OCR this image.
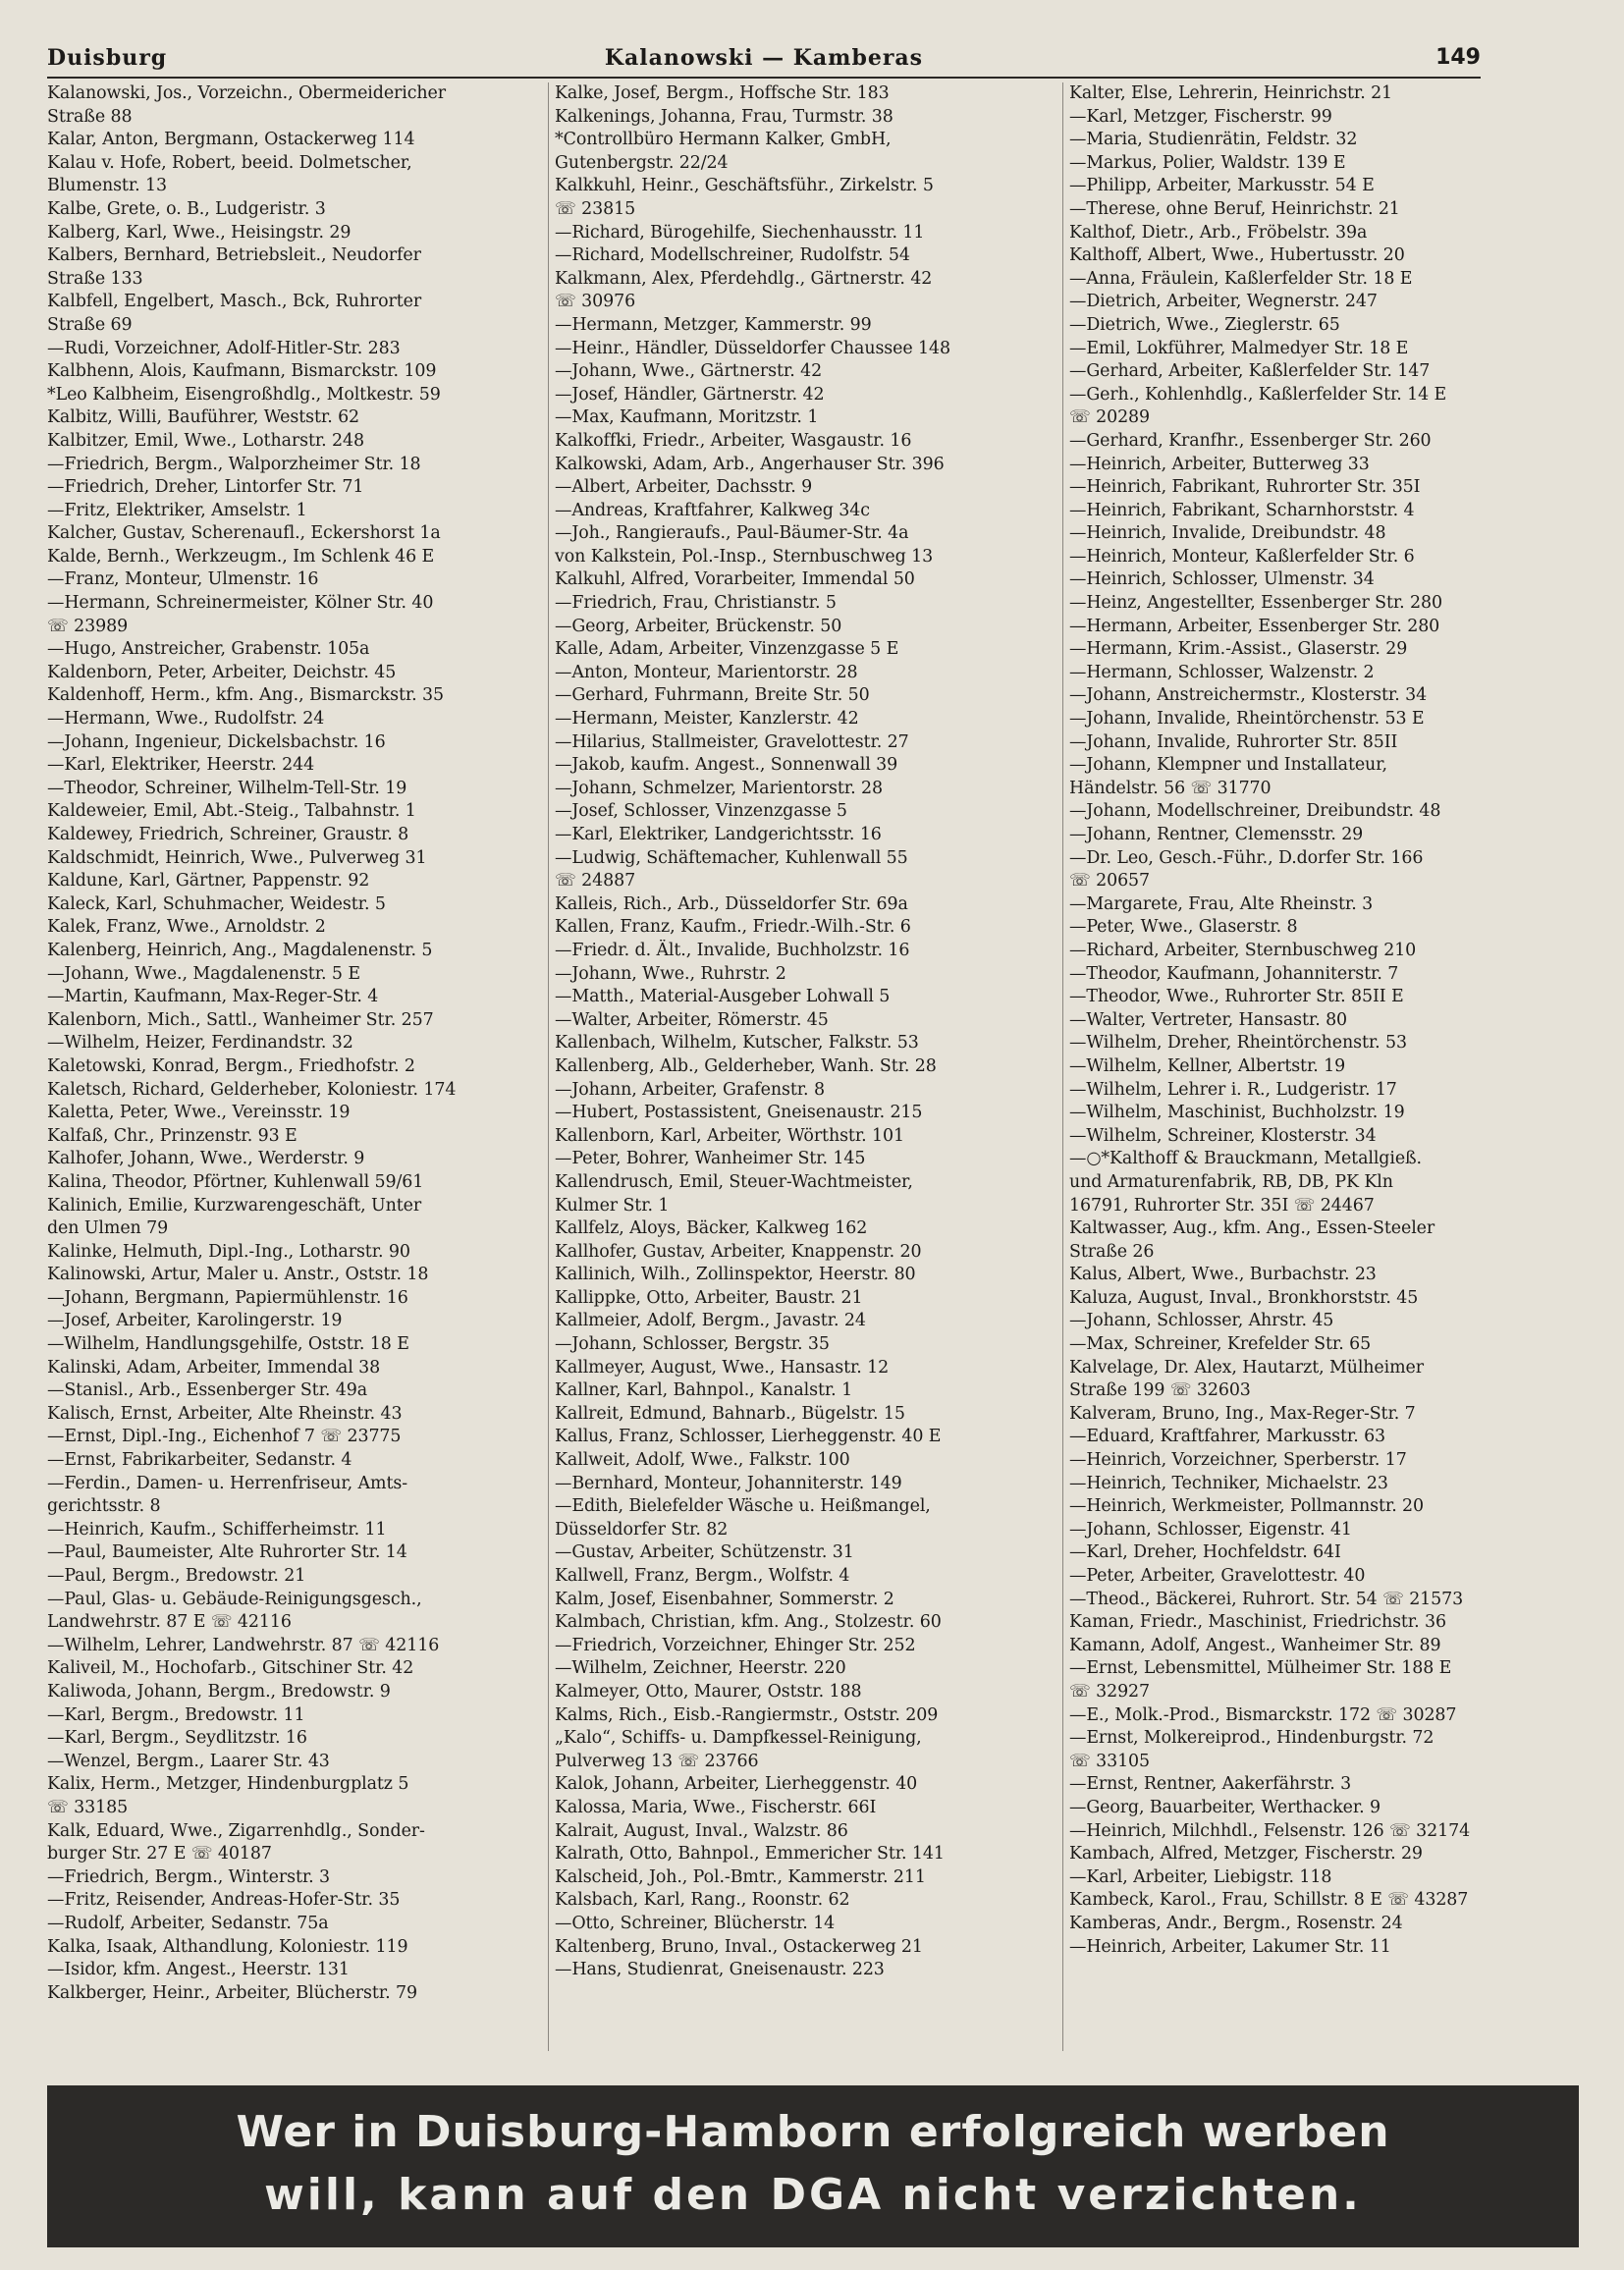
Duisburg	Kalanowski — Kamberas	149
Kalanowski, Jos., Vorzeichn., Obermeidericher
Straße 88
Kalar, Anton, Bergmann, Ostackerweg 114
Kalau v. Hofe, Robert, beeid. Dolmetscher,
Blumenstr. 13
Kalbe, Grete, o. B., Ludgeristr. 3
Kalberg, Karl, Wwe., Heisingstr. 29
Kalbers, Bernhard, Betriebsleit., Neudorfer
Straße 133
Kalbfell, Engelbert, Masch., Bck, Ruhrorter
Straße 69
—Rudi, Vorzeichner, Adolf-Hitler-Str. 283
Kalbhenn, Alois, Kaufmann, Bismarckstr. 109
*Leo Kalbheim, Eisengroßhdlg., Moltkestr. 59
Kalbitz, Willi, Bauführer, Weststr. 62
Kalbitzer, Emil, Wwe., Lotharstr. 248
—Friedrich, Bergm., Walporzheimer Str. 18
—Friedrich, Dreher, Lintorfer Str. 71
—Fritz, Elektriker, Amselstr. 1
Kalcher, Gustav, Scherenaufl., Eckershorst 1a
Kalde, Bernh., Werkzeugm., Im Schlenk 46 E
—Franz, Monteur, Ulmenstr. 16
—Hermann, Schreinermeister, Kölner Str. 40
☏ 23989
—Hugo, Anstreicher, Grabenstr. 105a
Kaldenborn, Peter, Arbeiter, Deichstr. 45
Kaldenhoff, Herm., kfm. Ang., Bismarckstr. 35
—Hermann, Wwe., Rudolfstr. 24
—Johann, Ingenieur, Dickelsbachstr. 16
—Karl, Elektriker, Heerstr. 244
—Theodor, Schreiner, Wilhelm-Tell-Str. 19
Kaldeweier, Emil, Abt.-Steig., Talbahnstr. 1
Kaldewey, Friedrich, Schreiner, Graustr. 8
Kaldschmidt, Heinrich, Wwe., Pulverweg 31
Kaldune, Karl, Gärtner, Pappenstr. 92
Kaleck, Karl, Schuhmacher, Weidestr. 5
Kalek, Franz, Wwe., Arnoldstr. 2
Kalenberg, Heinrich, Ang., Magdalenenstr. 5
—Johann, Wwe., Magdalenenstr. 5 E
—Martin, Kaufmann, Max-Reger-Str. 4
Kalenborn, Mich., Sattl., Wanheimer Str. 257
—Wilhelm, Heizer, Ferdinandstr. 32
Kaletowski, Konrad, Bergm., Friedhofstr. 2
Kaletsch, Richard, Gelderheber, Koloniestr. 174
Kaletta, Peter, Wwe., Vereinsstr. 19
Kalfaß, Chr., Prinzenstr. 93 E
Kalhofer, Johann, Wwe., Werderstr. 9
Kalina, Theodor, Pförtner, Kuhlenwall 59/61
Kalinich, Emilie, Kurzwarengeschäft, Unter
den Ulmen 79
Kalinke, Helmuth, Dipl.-Ing., Lotharstr. 90
Kalinowski, Artur, Maler u. Anstr., Oststr. 18
—Johann, Bergmann, Papiermühlenstr. 16
—Josef, Arbeiter, Karolingerstr. 19
—Wilhelm, Handlungsgehilfe, Oststr. 18 E
Kalinski, Adam, Arbeiter, Immendal 38
—Stanisl., Arb., Essenberger Str. 49a
Kalisch, Ernst, Arbeiter, Alte Rheinstr. 43
—Ernst, Dipl.-Ing., Eichenhof 7 ☏ 23775
—Ernst, Fabrikarbeiter, Sedanstr. 4
—Ferdin., Damen- u. Herrenfriseur, Amts-
gerichtsstr. 8
—Heinrich, Kaufm., Schifferheimstr. 11
—Paul, Baumeister, Alte Ruhrorter Str. 14
—Paul, Bergm., Bredowstr. 21
—Paul, Glas- u. Gebäude-Reinigungsgesch.,
Landwehrstr. 87 E ☏ 42116
—Wilhelm, Lehrer, Landwehrstr. 87 ☏ 42116
Kaliveil, M., Hochofarb., Gitschiner Str. 42
Kaliwoda, Johann, Bergm., Bredowstr. 9
—Karl, Bergm., Bredowstr. 11
—Karl, Bergm., Seydlitzstr. 16
—Wenzel, Bergm., Laarer Str. 43
Kalix, Herm., Metzger, Hindenburgplatz 5
☏ 33185
Kalk, Eduard, Wwe., Zigarrenhdlg., Sonder-
burger Str. 27 E ☏ 40187
—Friedrich, Bergm., Winterstr. 3
—Fritz, Reisender, Andreas-Hofer-Str. 35
—Rudolf, Arbeiter, Sedanstr. 75a
Kalka, Isaak, Althandlung, Koloniestr. 119
—Isidor, kfm. Angest., Heerstr. 131
Kalkberger, Heinr., Arbeiter, Blücherstr. 79
Kalke, Josef, Bergm., Hoffsche Str. 183
Kalkenings, Johanna, Frau, Turmstr. 38
*Controllbüro Hermann Kalker, GmbH,
Gutenbergstr. 22/24
Kalkkuhl, Heinr., Geschäftsführ., Zirkelstr. 5
☏ 23815
—Richard, Bürogehilfe, Siechenhausstr. 11
—Richard, Modellschreiner, Rudolfstr. 54
Kalkmann, Alex, Pferdehdlg., Gärtnerstr. 42
☏ 30976
—Hermann, Metzger, Kammerstr. 99
—Heinr., Händler, Düsseldorfer Chaussee 148
—Johann, Wwe., Gärtnerstr. 42
—Josef, Händler, Gärtnerstr. 42
—Max, Kaufmann, Moritzstr. 1
Kalkoffki, Friedr., Arbeiter, Wasgaustr. 16
Kalkowski, Adam, Arb., Angerhauser Str. 396
—Albert, Arbeiter, Dachsstr. 9
—Andreas, Kraftfahrer, Kalkweg 34c
—Joh., Rangieraufs., Paul-Bäumer-Str. 4a
von Kalkstein, Pol.-Insp., Sternbuschweg 13
Kalkuhl, Alfred, Vorarbeiter, Immendal 50
—Friedrich, Frau, Christianstr. 5
—Georg, Arbeiter, Brückenstr. 50
Kalle, Adam, Arbeiter, Vinzenzgasse 5 E
—Anton, Monteur, Marientorstr. 28
—Gerhard, Fuhrmann, Breite Str. 50
—Hermann, Meister, Kanzlerstr. 42
—Hilarius, Stallmeister, Gravelottestr. 27
—Jakob, kaufm. Angest., Sonnenwall 39
—Johann, Schmelzer, Marientorstr. 28
—Josef, Schlosser, Vinzenzgasse 5
—Karl, Elektriker, Landgerichtsstr. 16
—Ludwig, Schäftemacher, Kuhlenwall 55
☏ 24887
Kalleis, Rich., Arb., Düsseldorfer Str. 69a
Kallen, Franz, Kaufm., Friedr.-Wilh.-Str. 6
—Friedr. d. Ält., Invalide, Buchholzstr. 16
—Johann, Wwe., Ruhrstr. 2
—Matth., Material-Ausgeber Lohwall 5
—Walter, Arbeiter, Römerstr. 45
Kallenbach, Wilhelm, Kutscher, Falkstr. 53
Kallenberg, Alb., Gelderheber, Wanh. Str. 28
—Johann, Arbeiter, Grafenstr. 8
—Hubert, Postassistent, Gneisenaustr. 215
Kallenborn, Karl, Arbeiter, Wörthstr. 101
—Peter, Bohrer, Wanheimer Str. 145
Kallendrusch, Emil, Steuer-Wachtmeister,
Kulmer Str. 1
Kallfelz, Aloys, Bäcker, Kalkweg 162
Kallhofer, Gustav, Arbeiter, Knappenstr. 20
Kallinich, Wilh., Zollinspektor, Heerstr. 80
Kallippke, Otto, Arbeiter, Baustr. 21
Kallmeier, Adolf, Bergm., Javastr. 24
—Johann, Schlosser, Bergstr. 35
Kallmeyer, August, Wwe., Hansastr. 12
Kallner, Karl, Bahnpol., Kanalstr. 1
Kallreit, Edmund, Bahnarb., Bügelstr. 15
Kallus, Franz, Schlosser, Lierheggenstr. 40 E
Kallweit, Adolf, Wwe., Falkstr. 100
—Bernhard, Monteur, Johanniterstr. 149
—Edith, Bielefelder Wäsche u. Heißmangel,
Düsseldorfer Str. 82
—Gustav, Arbeiter, Schützenstr. 31
Kallwell, Franz, Bergm., Wolfstr. 4
Kalm, Josef, Eisenbahner, Sommerstr. 2
Kalmbach, Christian, kfm. Ang., Stolzestr. 60
—Friedrich, Vorzeichner, Ehinger Str. 252
—Wilhelm, Zeichner, Heerstr. 220
Kalmeyer, Otto, Maurer, Oststr. 188
Kalms, Rich., Eisb.-Rangiermstr., Oststr. 209
„Kalo“, Schiffs- u. Dampfkessel-Reinigung,
Pulverweg 13 ☏ 23766
Kalok, Johann, Arbeiter, Lierheggenstr. 40
Kalossa, Maria, Wwe., Fischerstr. 66I
Kalrait, August, Inval., Walzstr. 86
Kalrath, Otto, Bahnpol., Emmericher Str. 141
Kalscheid, Joh., Pol.-Bmtr., Kammerstr. 211
Kalsbach, Karl, Rang., Roonstr. 62
—Otto, Schreiner, Blücherstr. 14
Kaltenberg, Bruno, Inval., Ostackerweg 21
—Hans, Studienrat, Gneisenaustr. 223
Kalter, Else, Lehrerin, Heinrichstr. 21
—Karl, Metzger, Fischerstr. 99
—Maria, Studienrätin, Feldstr. 32
—Markus, Polier, Waldstr. 139 E
—Philipp, Arbeiter, Markusstr. 54 E
—Therese, ohne Beruf, Heinrichstr. 21
Kalthof, Dietr., Arb., Fröbelstr. 39a
Kalthoff, Albert, Wwe., Hubertusstr. 20
—Anna, Fräulein, Kaßlerfelder Str. 18 E
—Dietrich, Arbeiter, Wegnerstr. 247
—Dietrich, Wwe., Zieglerstr. 65
—Emil, Lokführer, Malmedyer Str. 18 E
—Gerhard, Arbeiter, Kaßlerfelder Str. 147
—Gerh., Kohlenhdlg., Kaßlerfelder Str. 14 E
☏ 20289
—Gerhard, Kranfhr., Essenberger Str. 260
—Heinrich, Arbeiter, Butterweg 33
—Heinrich, Fabrikant, Ruhrorter Str. 35I
—Heinrich, Fabrikant, Scharnhorststr. 4
—Heinrich, Invalide, Dreibundstr. 48
—Heinrich, Monteur, Kaßlerfelder Str. 6
—Heinrich, Schlosser, Ulmenstr. 34
—Heinz, Angestellter, Essenberger Str. 280
—Hermann, Arbeiter, Essenberger Str. 280
—Hermann, Krim.-Assist., Glaserstr. 29
—Hermann, Schlosser, Walzenstr. 2
—Johann, Anstreichermstr., Klosterstr. 34
—Johann, Invalide, Rheintörchenstr. 53 E
—Johann, Invalide, Ruhrorter Str. 85II
—Johann, Klempner und Installateur,
Händelstr. 56 ☏ 31770
—Johann, Modellschreiner, Dreibundstr. 48
—Johann, Rentner, Clemensstr. 29
—Dr. Leo, Gesch.-Führ., D.dorfer Str. 166
☏ 20657
—Margarete, Frau, Alte Rheinstr. 3
—Peter, Wwe., Glaserstr. 8
—Richard, Arbeiter, Sternbuschweg 210
—Theodor, Kaufmann, Johanniterstr. 7
—Theodor, Wwe., Ruhrorter Str. 85II E
—Walter, Vertreter, Hansastr. 80
—Wilhelm, Dreher, Rheintörchenstr. 53
—Wilhelm, Kellner, Albertstr. 19
—Wilhelm, Lehrer i. R., Ludgeristr. 17
—Wilhelm, Maschinist, Buchholzstr. 19
—Wilhelm, Schreiner, Klosterstr. 34
—○*Kalthoff & Brauckmann, Metallgieß.
und Armaturenfabrik, RB, DB, PK Kln
16791, Ruhrorter Str. 35I ☏ 24467
Kaltwasser, Aug., kfm. Ang., Essen-Steeler
Straße 26
Kalus, Albert, Wwe., Burbachstr. 23
Kaluza, August, Inval., Bronkhorststr. 45
—Johann, Schlosser, Ahrstr. 45
—Max, Schreiner, Krefelder Str. 65
Kalvelage, Dr. Alex, Hautarzt, Mülheimer
Straße 199 ☏ 32603
Kalveram, Bruno, Ing., Max-Reger-Str. 7
—Eduard, Kraftfahrer, Markusstr. 63
—Heinrich, Vorzeichner, Sperberstr. 17
—Heinrich, Techniker, Michaelstr. 23
—Heinrich, Werkmeister, Pollmannstr. 20
—Johann, Schlosser, Eigenstr. 41
—Karl, Dreher, Hochfeldstr. 64I
—Peter, Arbeiter, Gravelottestr. 40
—Theod., Bäckerei, Ruhrort. Str. 54 ☏ 21573
Kaman, Friedr., Maschinist, Friedrichstr. 36
Kamann, Adolf, Angest., Wanheimer Str. 89
—Ernst, Lebensmittel, Mülheimer Str. 188 E
☏ 32927
—E., Molk.-Prod., Bismarckstr. 172 ☏ 30287
—Ernst, Molkereiprod., Hindenburgstr. 72
☏ 33105
—Ernst, Rentner, Aakerfährstr. 3
—Georg, Bauarbeiter, Werthacker. 9
—Heinrich, Milchhdl., Felsenstr. 126 ☏ 32174
Kambach, Alfred, Metzger, Fischerstr. 29
—Karl, Arbeiter, Liebigstr. 118
Kambeck, Karol., Frau, Schillstr. 8 E ☏ 43287
Kamberas, Andr., Bergm., Rosenstr. 24
—Heinrich, Arbeiter, Lakumer Str. 11
Wer in Duisburg-Hamborn erfolgreich werben
will, kann auf den DGA nicht verzichten.
